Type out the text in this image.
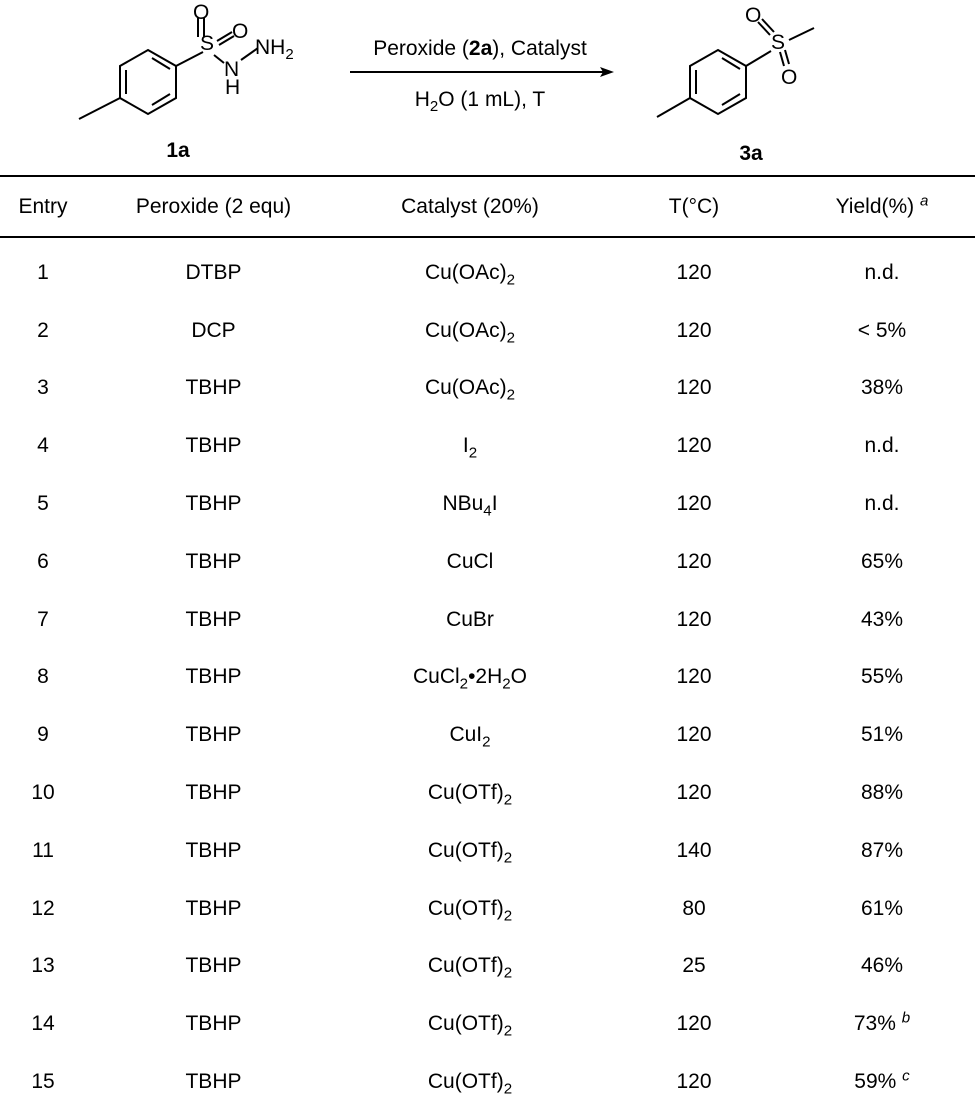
O
S
O
N
H
$NH_2$
1a
Peroxide (2a), Catalyst
$H_2O$ (1 mL), T
O
S
O
3a
Entry	Peroxide (2 equ)	Catalyst (20%)	T(°C)	Yield(%) $^a$
1	DTBP	$Cu(OAc)_2$	120	n.d.
2	DCP	$Cu(OAc)_2$	120	< 5%
3	TBHP	$Cu(OAc)_2$	120	38%
4	TBHP	$I_2$	120	n.d.
5	TBHP	NBu$_4$I	120	n.d.
6	TBHP	CuCl	120	65%
7	TBHP	CuBr	120	43%
8	TBHP	$CuCl_2•2H_2O$	120	55%
9	TBHP	CuI$_2$	120	51%
10	TBHP	$Cu(OTf)_2$	120	88%
11	TBHP	$Cu(OTf)_2$	140	87%
12	TBHP	$Cu(OTf)_2$	80	61%
13	TBHP	$Cu(OTf)_2$	25	46%
14	TBHP	$Cu(OTf)_2$	120	73% $^b$
15	TBHP	$Cu(OTf)_2$	120	59% $^c$
